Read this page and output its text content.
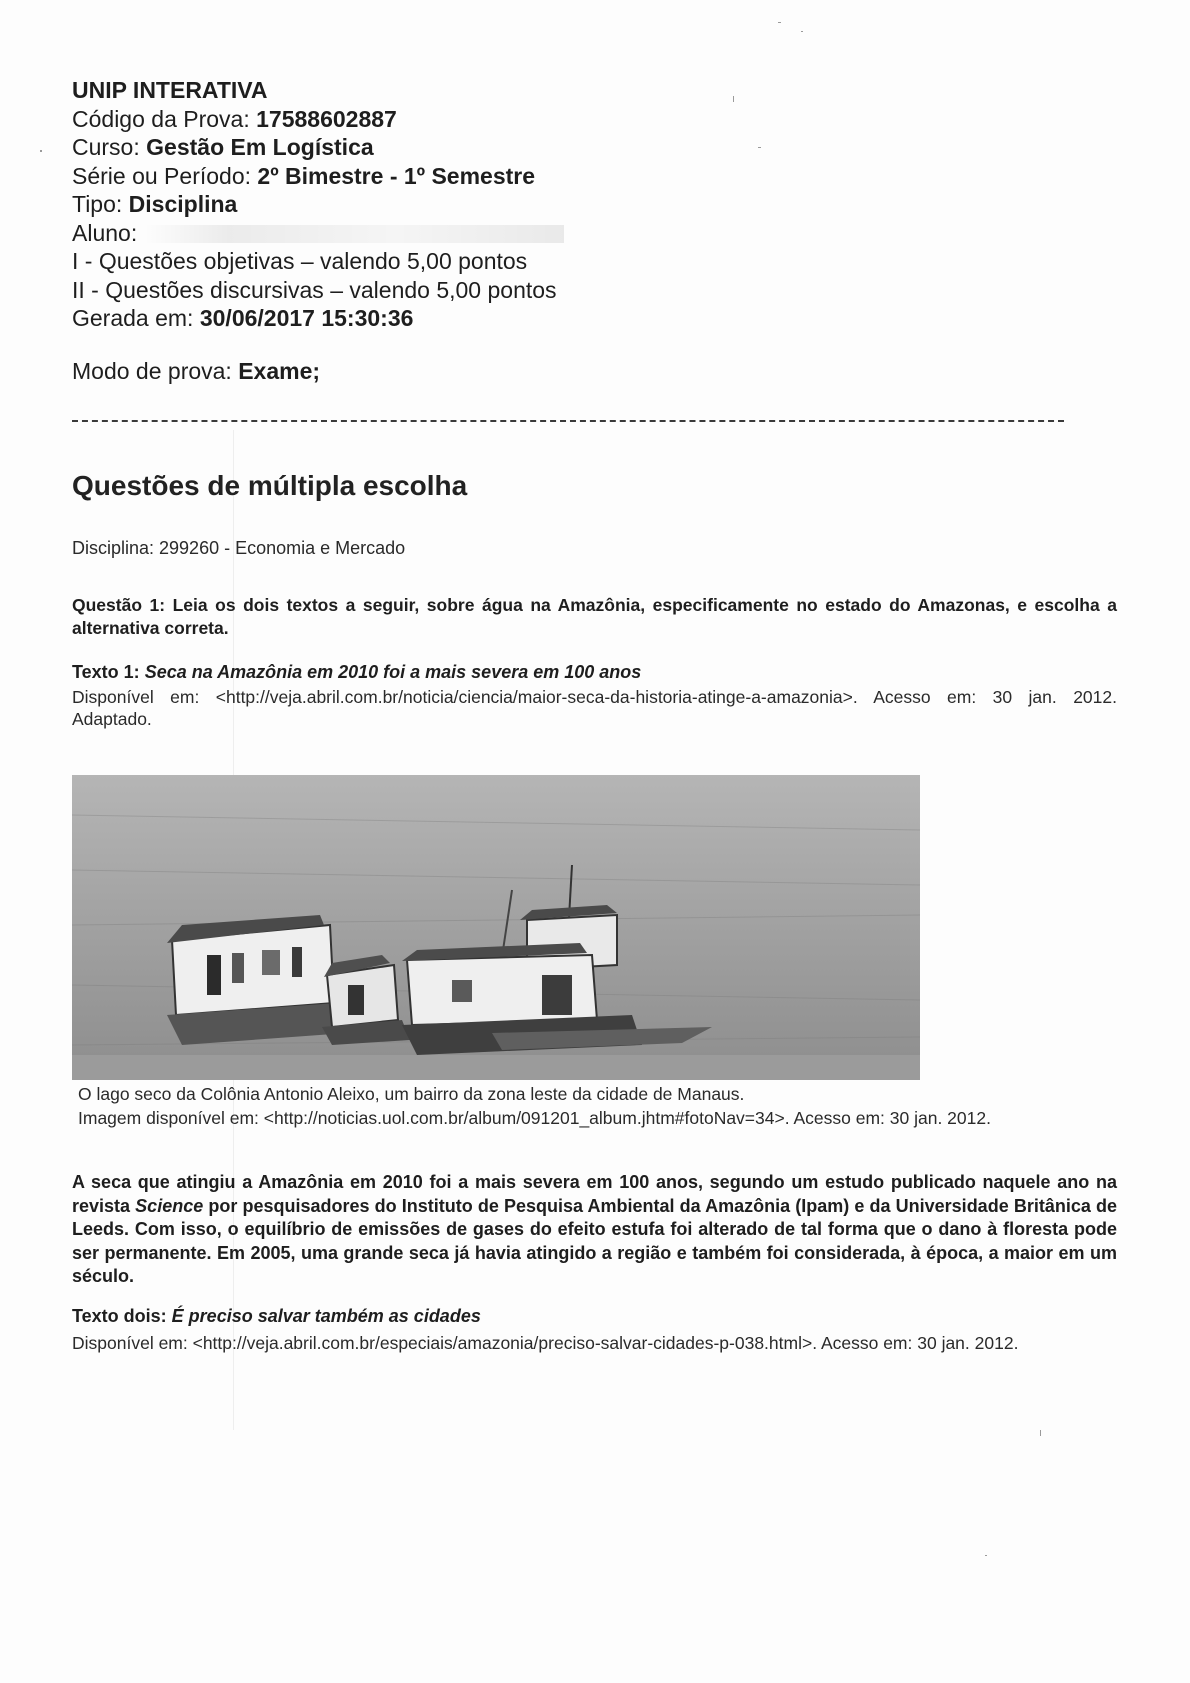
UNIP INTERATIVA
Código da Prova: 17588602887
Curso: Gestão Em Logística
Série ou Período: 2º Bimestre - 1º Semestre
Tipo: Disciplina
Aluno:
I - Questões objetivas – valendo 5,00 pontos
II - Questões discursivas – valendo 5,00 pontos
Gerada em: 30/06/2017 15:30:36
Modo de prova: Exame;
Questões de múltipla escolha
Disciplina: 299260 - Economia e Mercado
Questão 1: Leia os dois textos a seguir, sobre água na Amazônia, especificamente no estado do Amazonas, e escolha a alternativa correta.
Texto 1: Seca na Amazônia em 2010 foi a mais severa em 100 anos
Disponível em: <http://veja.abril.com.br/noticia/ciencia/maior-seca-da-historia-atinge-a-amazonia>. Acesso em: 30 jan. 2012. Adaptado.
O lago seco da Colônia Antonio Aleixo, um bairro da zona leste da cidade de Manaus.
Imagem disponível em: <http://noticias.uol.com.br/album/091201_album.jhtm#fotoNav=34>. Acesso em: 30 jan. 2012.
A seca que atingiu a Amazônia em 2010 foi a mais severa em 100 anos, segundo um estudo publicado naquele ano na revista Science por pesquisadores do Instituto de Pesquisa Ambiental da Amazônia (Ipam) e da Universidade Britânica de Leeds. Com isso, o equilíbrio de emissões de gases do efeito estufa foi alterado de tal forma que o dano à floresta pode ser permanente. Em 2005, uma grande seca já havia atingido a região e também foi considerada, à época, a maior em um século.
Texto dois: É preciso salvar também as cidades
Disponível em: <http://veja.abril.com.br/especiais/amazonia/preciso-salvar-cidades-p-038.html>. Acesso em: 30 jan. 2012.
